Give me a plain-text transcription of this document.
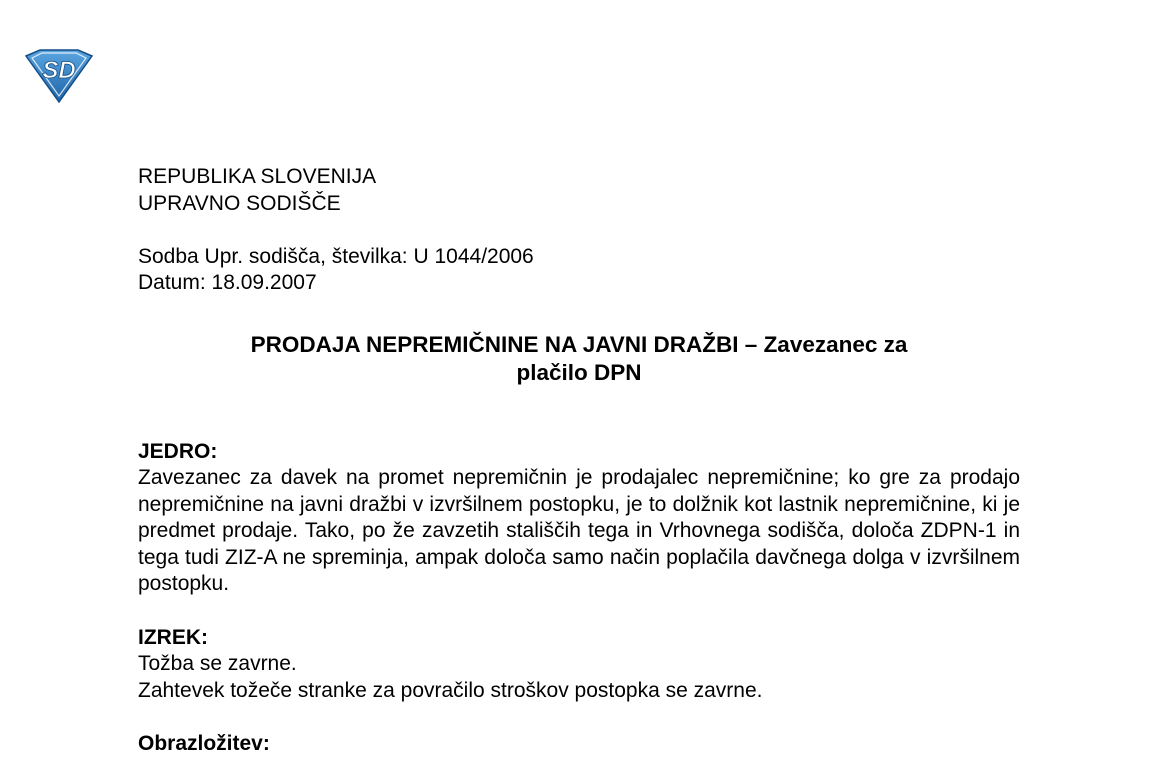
SD
REPUBLIKA SLOVENIJA
UPRAVNO SODIŠČE
Sodba Upr. sodišča, številka: U 1044/2006
Datum: 18.09.2007
PRODAJA NEPREMIČNINE NA JAVNI DRAŽBI – Zavezanec za
plačilo DPN
JEDRO:
Zavezanec za davek na promet nepremičnin je prodajalec nepremičnine; ko gre za prodajo nepremičnine na javni dražbi v izvršilnem postopku, je to dolžnik kot lastnik nepremičnine, ki je predmet prodaje. Tako, po že zavzetih stališčih tega in Vrhovnega sodišča, določa ZDPN-1 in tega tudi ZIZ-A ne spreminja, ampak določa samo način poplačila davčnega dolga v izvršilnem postopku.
IZREK:
Tožba se zavrne.
Zahtevek tožeče stranke za povračilo stroškov postopka se zavrne.
Obrazložitev:
